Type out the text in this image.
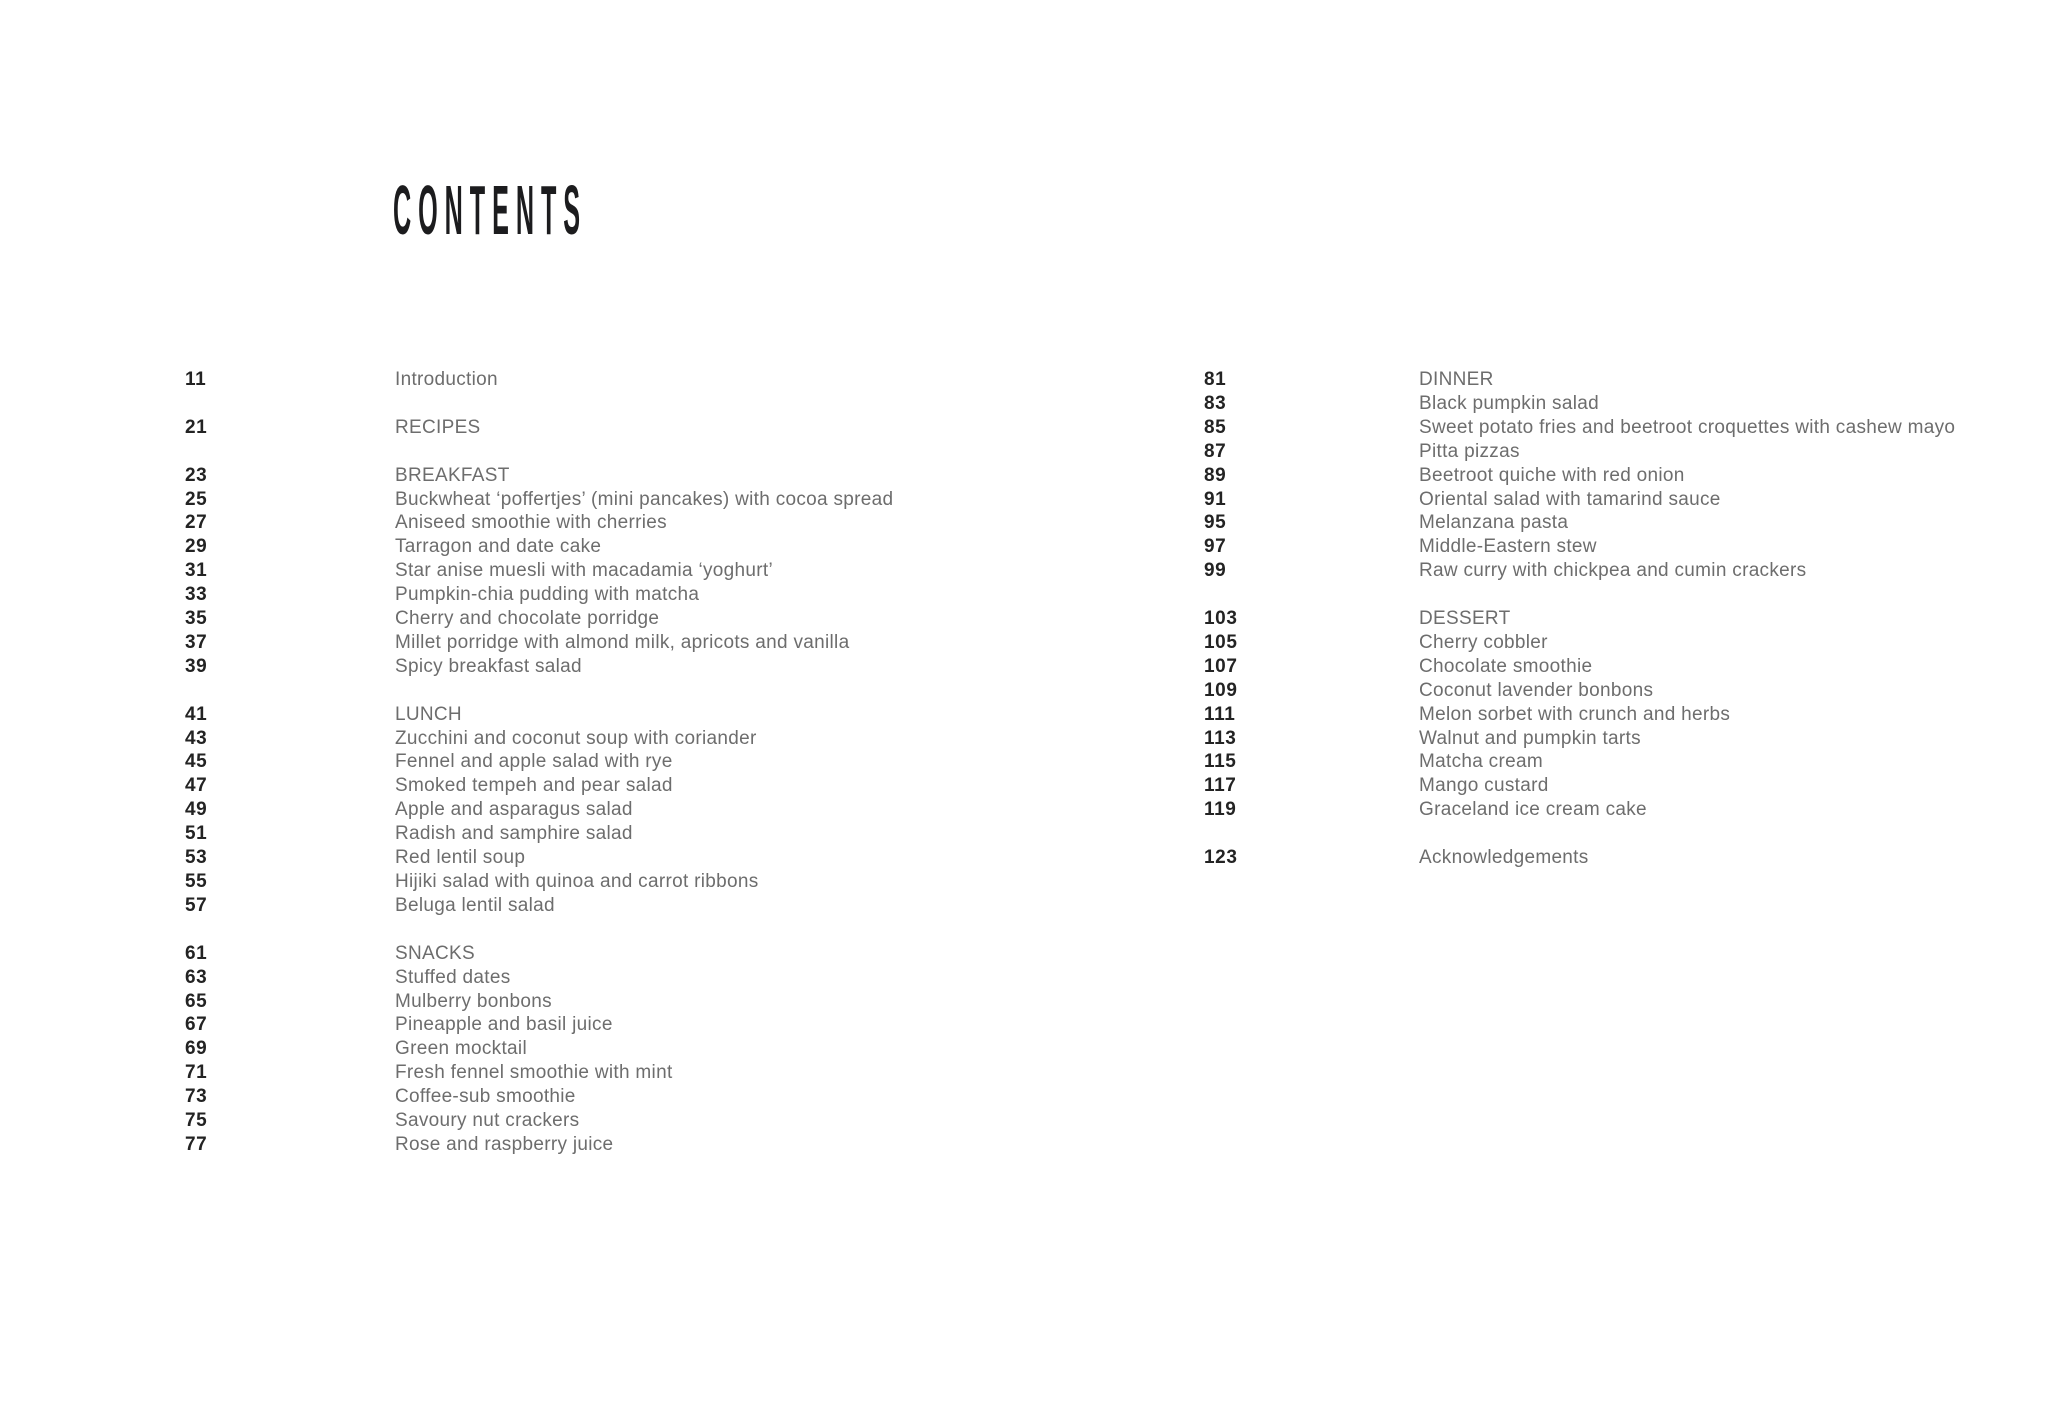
CONTENTS
11	Introduction
21	RECIPES
23	BREAKFAST
25	Buckwheat ‘poffertjes’ (mini pancakes) with cocoa spread
27	Aniseed smoothie with cherries
29	Tarragon and date cake
31	Star anise muesli with macadamia ‘yoghurt’
33	Pumpkin-chia pudding with matcha
35	Cherry and chocolate porridge
37	Millet porridge with almond milk, apricots and vanilla
39	Spicy breakfast salad
41	LUNCH
43	Zucchini and coconut soup with coriander
45	Fennel and apple salad with rye
47	Smoked tempeh and pear salad
49	Apple and asparagus salad
51	Radish and samphire salad
53	Red lentil soup
55	Hijiki salad with quinoa and carrot ribbons
57	Beluga lentil salad
61	SNACKS
63	Stuffed dates
65	Mulberry bonbons
67	Pineapple and basil juice
69	Green mocktail
71	Fresh fennel smoothie with mint
73	Coffee-sub smoothie
75	Savoury nut crackers
77	Rose and raspberry juice
81	DINNER
83	Black pumpkin salad
85	Sweet potato fries and beetroot croquettes with cashew mayo
87	Pitta pizzas
89	Beetroot quiche with red onion
91	Oriental salad with tamarind sauce
95	Melanzana pasta
97	Middle-Eastern stew
99	Raw curry with chickpea and cumin crackers
103	DESSERT
105	Cherry cobbler
107	Chocolate smoothie
109	Coconut lavender bonbons
111	Melon sorbet with crunch and herbs
113	Walnut and pumpkin tarts
115	Matcha cream
117	Mango custard
119	Graceland ice cream cake
123	Acknowledgements
